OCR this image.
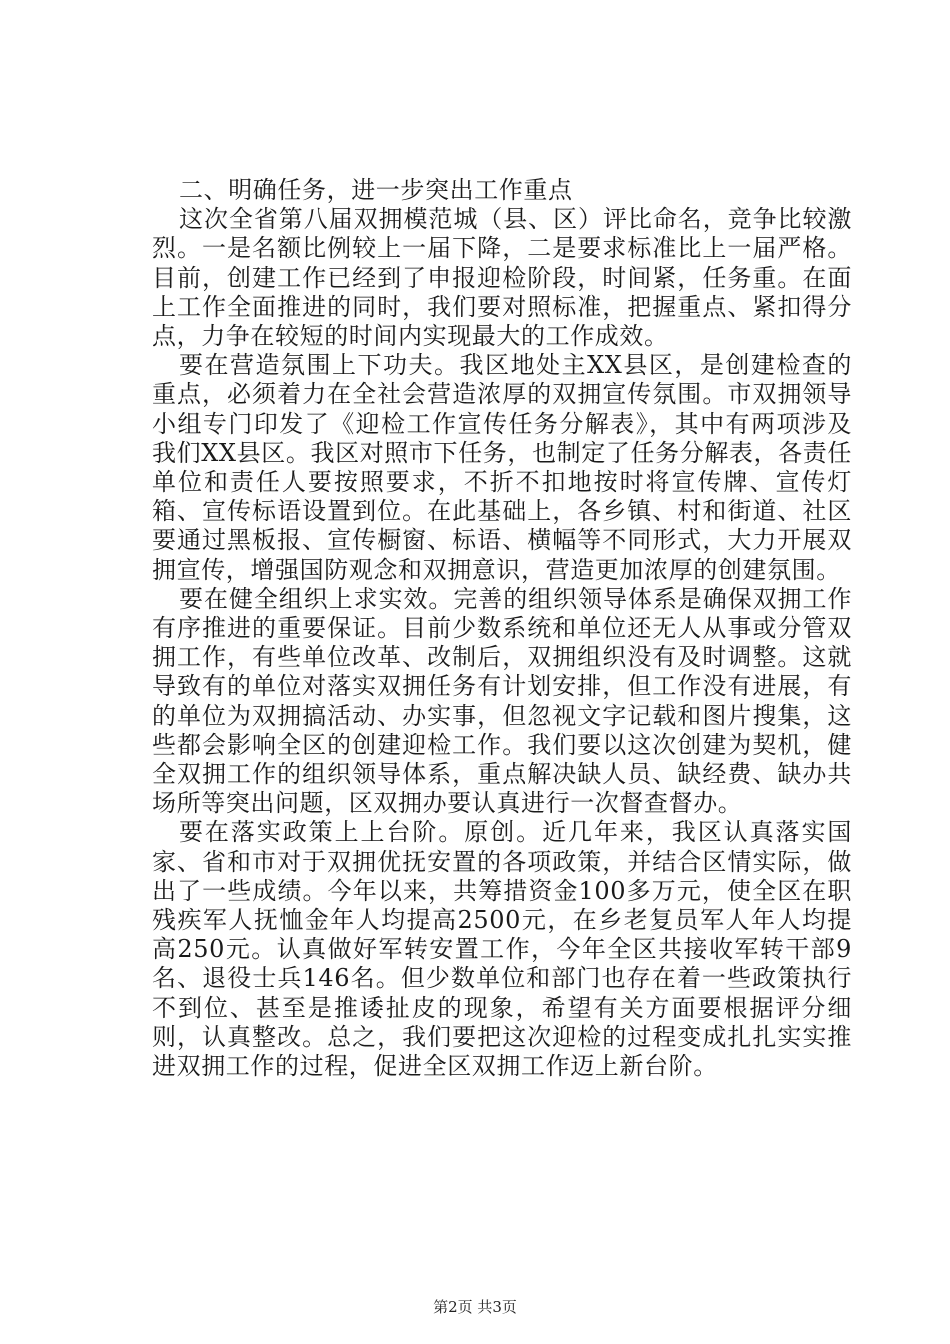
二、明确任务，进一步突出工作重点

这次全省第八届双拥模范城（县、区）评比命名，竞争比较激烈。一是名额比例较上一届下降，二是要求标准比上一届严格。目前，创建工作已经到了申报迎检阶段，时间紧，任务重。在面上工作全面推进的同时，我们要对照标准，把握重点、紧扣得分点，力争在较短的时间内实现最大的工作成效。

要在营造氛围上下功夫。我区地处主XX县区，是创建检查的重点，必须着力在全社会营造浓厚的双拥宣传氛围。市双拥领导小组专门印发了《迎检工作宣传任务分解表》，其中有两项涉及我们XX县区。我区对照市下任务，也制定了任务分解表，各责任单位和责任人要按照要求，不折不扣地按时将宣传牌、宣传灯箱、宣传标语设置到位。在此基础上，各乡镇、村和街道、社区要通过黑板报、宣传橱窗、标语、横幅等不同形式，大力开展双拥宣传，增强国防观念和双拥意识，营造更加浓厚的创建氛围。

要在健全组织上求实效。完善的组织领导体系是确保双拥工作有序推进的重要保证。目前少数系统和单位还无人从事或分管双拥工作，有些单位改革、改制后，双拥组织没有及时调整。这就导致有的单位对落实双拥任务有计划安排，但工作没有进展，有的单位为双拥搞活动、办实事，但忽视文字记载和图片搜集，这些都会影响全区的创建迎检工作。我们要以这次创建为契机，健全双拥工作的组织领导体系，重点解决缺人员、缺经费、缺办共场所等突出问题，区双拥办要认真进行一次督查督办。

要在落实政策上上台阶。原创。近几年来，我区认真落实国家、省和市对于双拥优抚安置的各项政策，并结合区情实际，做出了一些成绩。今年以来，共筹措资金100多万元，使全区在职残疾军人抚恤金年人均提高2500元，在乡老复员军人年人均提高250元。认真做好军转安置工作，今年全区共接收军转干部9名、退役士兵146名。但少数单位和部门也存在着一些政策执行不到位、甚至是推诿扯皮的现象，希望有关方面要根据评分细则，认真整改。总之，我们要把这次迎检的过程变成扎扎实实推进双拥工作的过程，促进全区双拥工作迈上新台阶。

第2页 共3页
